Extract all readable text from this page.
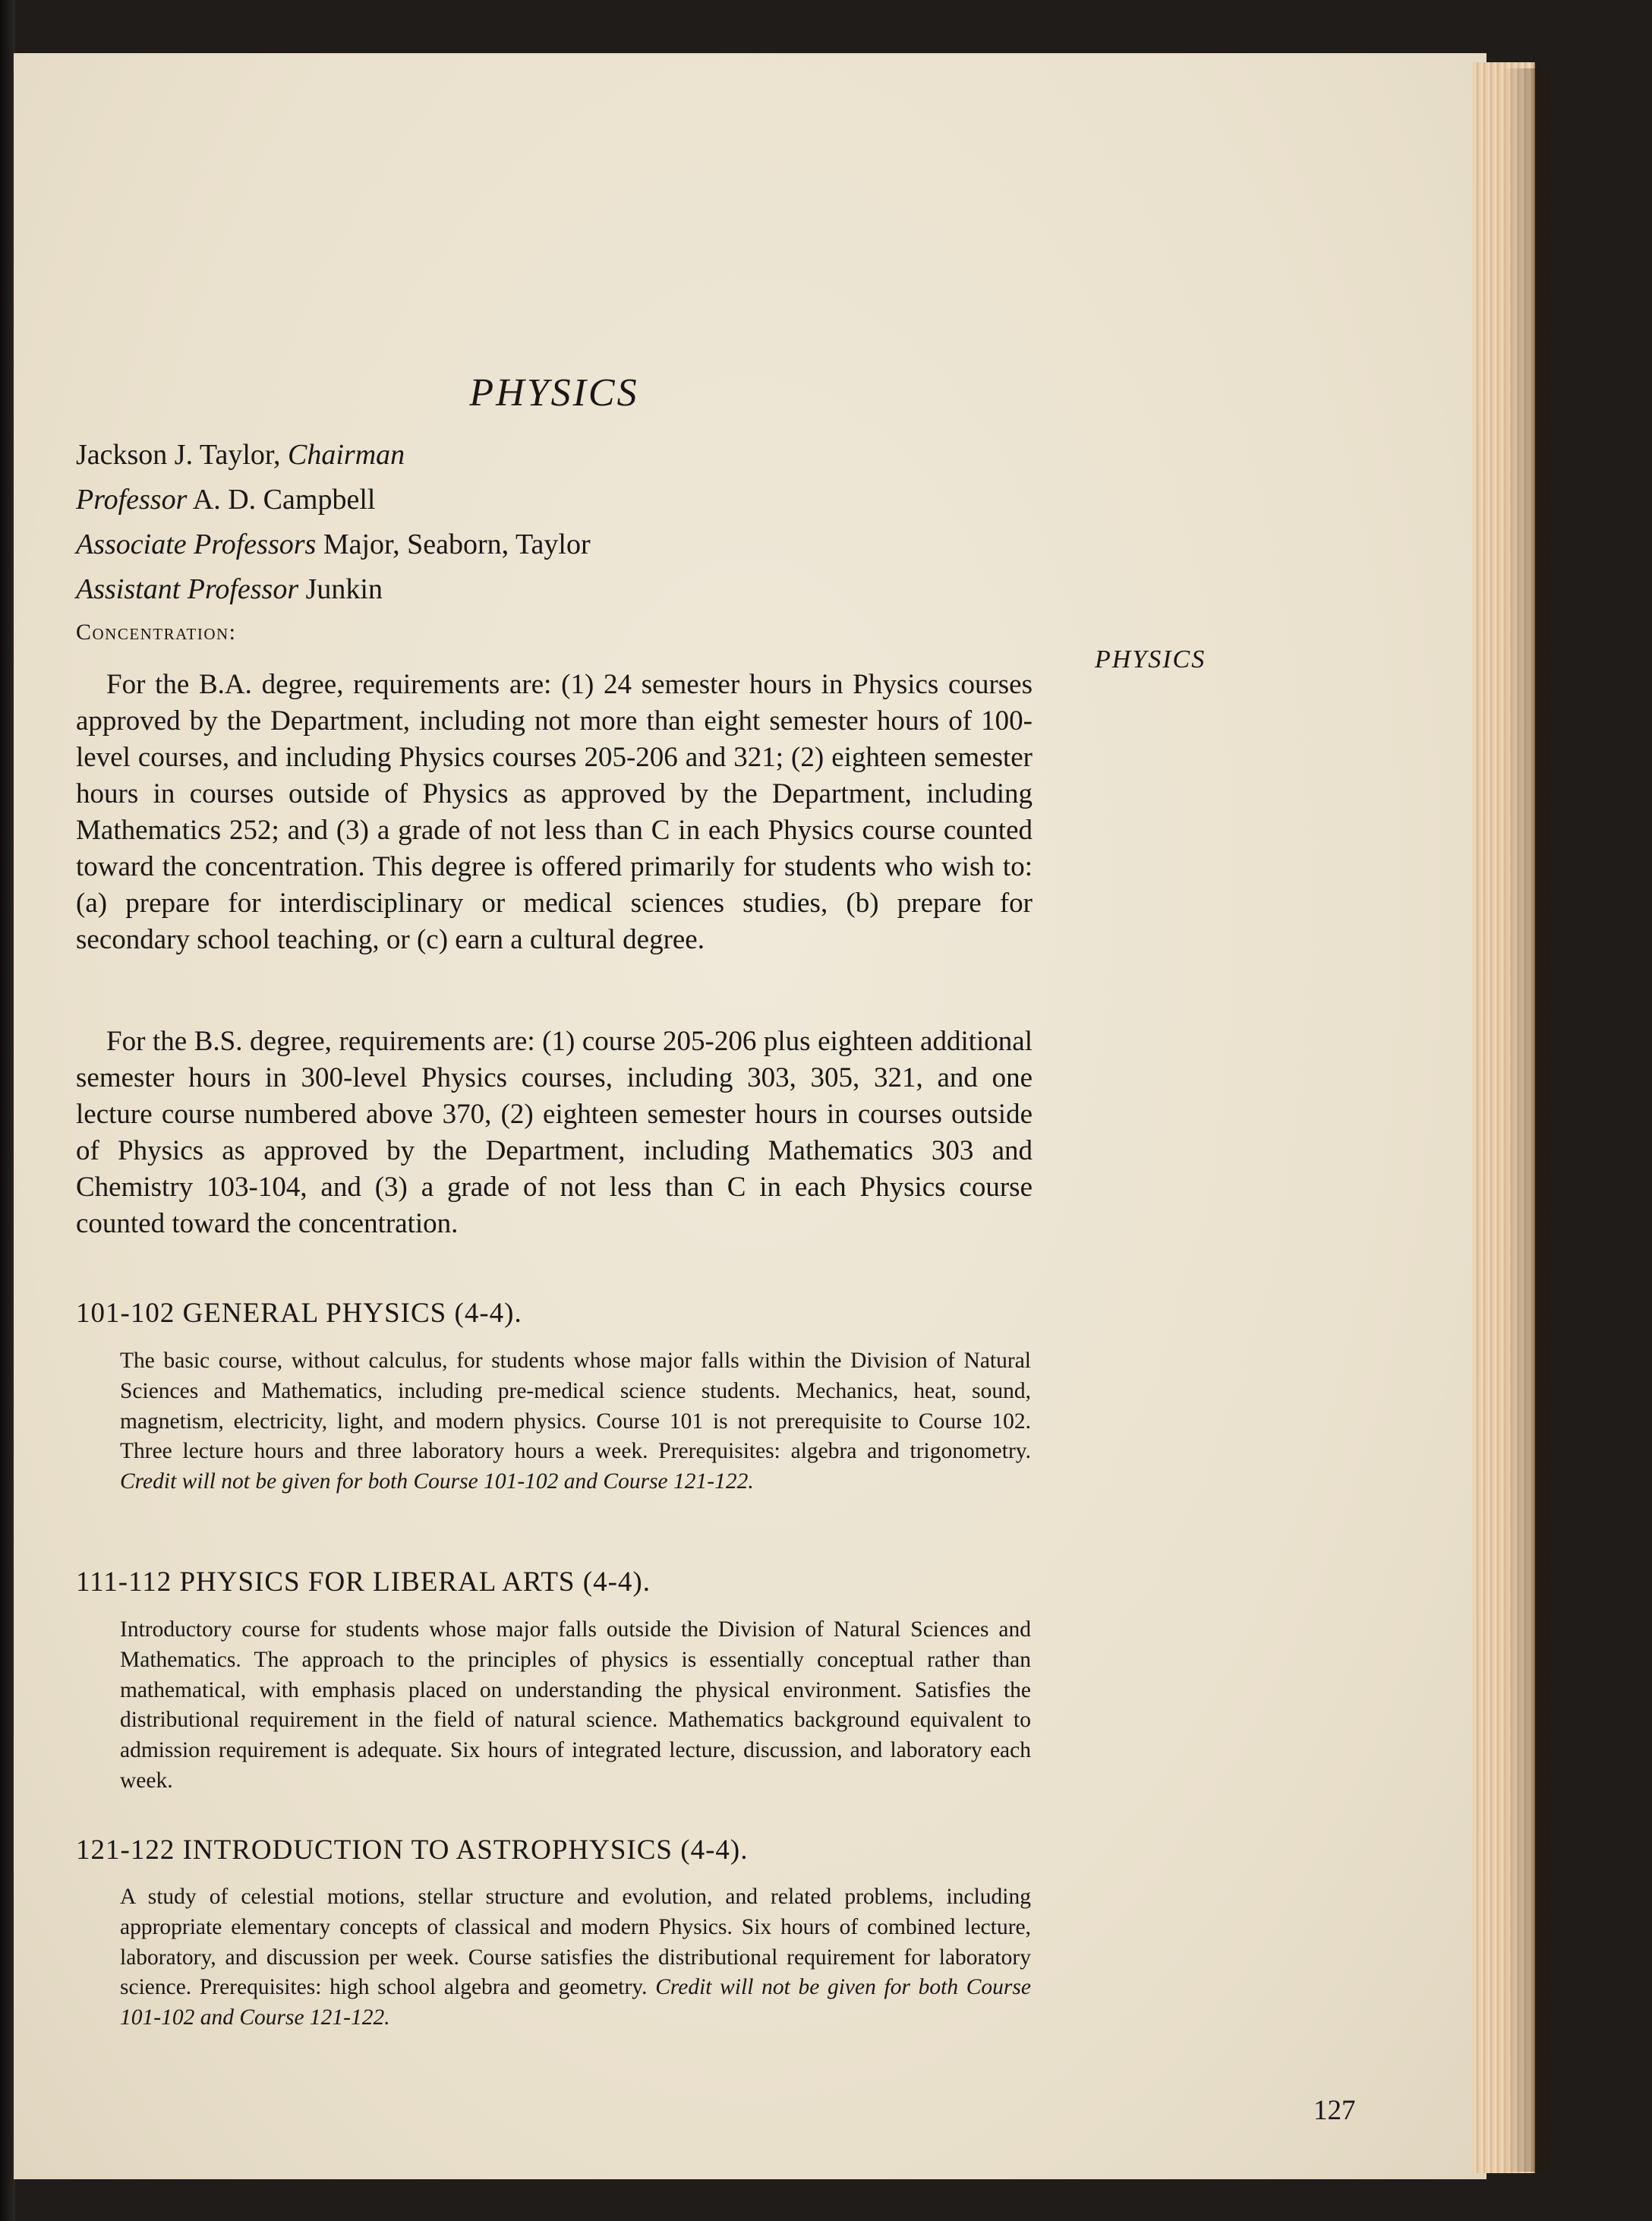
PHYSICS
Jackson J. Taylor, Chairman
Professor A. D. Campbell
Associate Professors Major, Seaborn, Taylor
Assistant Professor Junkin
Concentration:

For the B.A. degree, requirements are: (1) 24 semester hours in Physics courses approved by the Department, including not more than eight semester hours of 100-level courses, and including Physics courses 205-206 and 321; (2) eighteen semester hours in courses outside of Physics as approved by the Department, including Mathematics 252; and (3) a grade of not less than C in each Physics course counted toward the concentration. This degree is offered primarily for students who wish to: (a) prepare for interdisciplinary or medical sciences studies, (b) prepare for secondary school teaching, or (c) earn a cultural degree.

For the B.S. degree, requirements are: (1) course 205-206 plus eighteen additional semester hours in 300-level Physics courses, including 303, 305, 321, and one lecture course numbered above 370, (2) eighteen semester hours in courses outside of Physics as approved by the Department, including Mathematics 303 and Chemistry 103-104, and (3) a grade of not less than C in each Physics course counted toward the concentration.

101-102 GENERAL PHYSICS (4-4).

The basic course, without calculus, for students whose major falls within the Division of Natural Sciences and Mathematics, including pre-medical science students. Mechanics, heat, sound, magnetism, electricity, light, and modern physics. Course 101 is not prerequisite to Course 102. Three lecture hours and three laboratory hours a week. Prerequisites: algebra and trigonometry. Credit will not be given for both Course 101-102 and Course 121-122.

111-112 PHYSICS FOR LIBERAL ARTS (4-4).

Introductory course for students whose major falls outside the Division of Natural Sciences and Mathematics. The approach to the principles of physics is essentially conceptual rather than mathematical, with emphasis placed on understanding the physical environment. Satisfies the distributional requirement in the field of natural science. Mathematics background equivalent to admission requirement is adequate. Six hours of integrated lecture, discussion, and laboratory each week.

121-122 INTRODUCTION TO ASTROPHYSICS (4-4).

A study of celestial motions, stellar structure and evolution, and related problems, including appropriate elementary concepts of classical and modern Physics. Six hours of combined lecture, laboratory, and discussion per week. Course satisfies the distributional requirement for laboratory science. Prerequisites: high school algebra and geometry. Credit will not be given for both Course 101-102 and Course 121-122.

PHYSICS
127
